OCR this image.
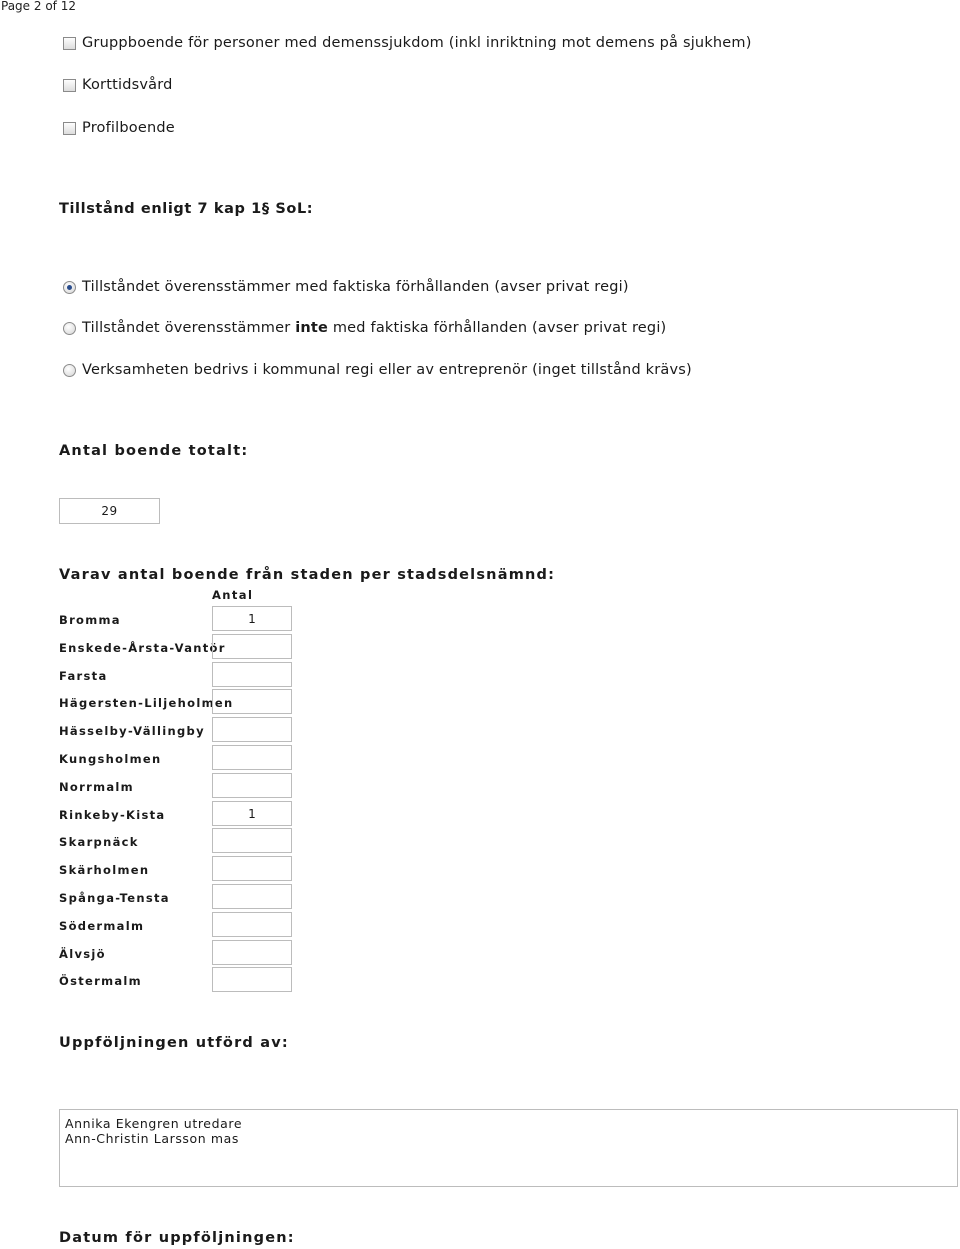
Page 2 of 12
Gruppboende för personer med demenssjukdom (inkl inriktning mot demens på sjukhem)
Korttidsvård
Profilboende
Tillstånd enligt 7 kap 1§ SoL:
Tillståndet överensstämmer med faktiska förhållanden (avser privat regi)
Tillståndet överensstämmer inte med faktiska förhållanden (avser privat regi)
Verksamheten bedrivs i kommunal regi eller av entreprenör (inget tillstånd krävs)
Antal boende totalt:
29
Varav antal boende från staden per stadsdelsnämnd:
Antal
Bromma	1
Enskede-Årsta-Vantör
Farsta
Hägersten-Liljeholmen
Hässelby-Vällingby
Kungsholmen
Norrmalm
Rinkeby-Kista	1
Skarpnäck
Skärholmen
Spånga-Tensta
Södermalm
Älvsjö
Östermalm
Uppföljningen utförd av:
Annika Ekengren utredare
Ann-Christin Larsson mas
Datum för uppföljningen:
